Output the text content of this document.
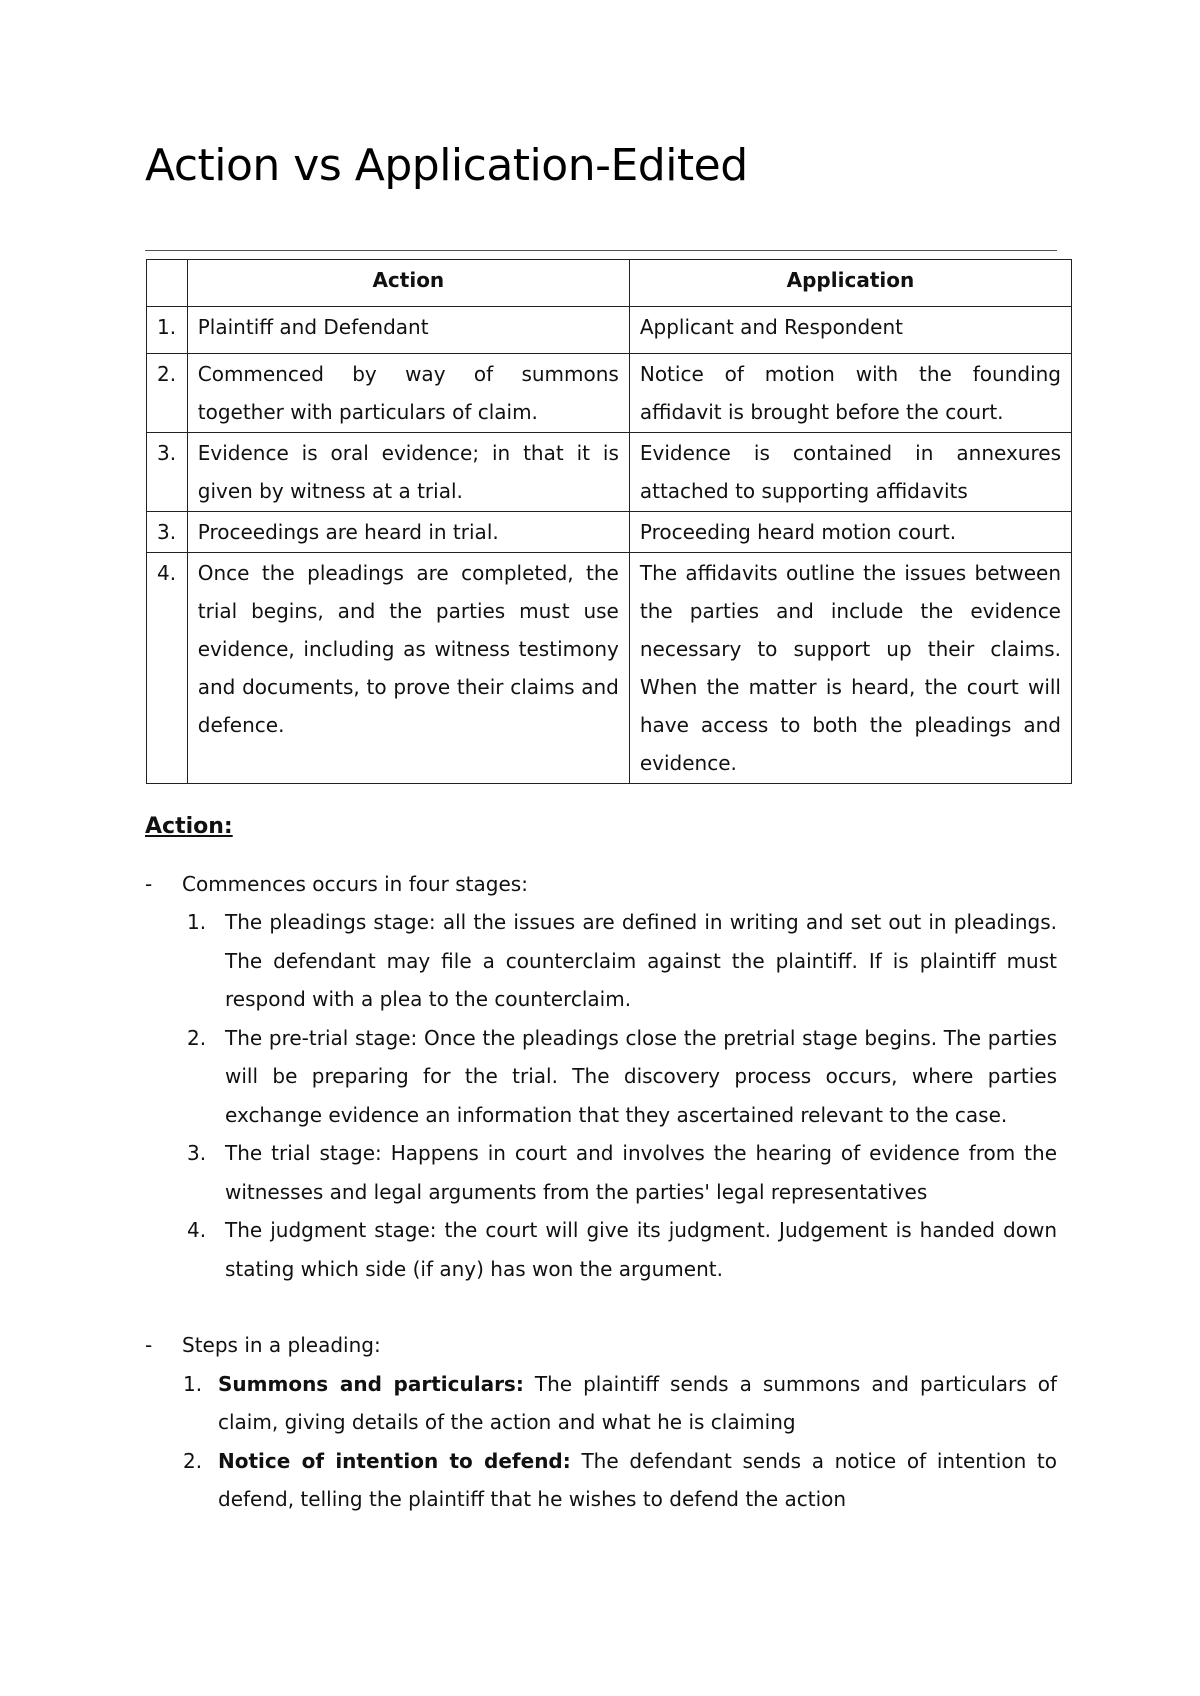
Action vs Application-Edited
	Action	Application
1.	Plaintiff and Defendant	Applicant and Respondent
2.	Commenced by way of summons together with particulars of claim.	Notice of motion with the founding affidavit is brought before the court.
3.	Evidence is oral evidence; in that it is given by witness at a trial.	Evidence is contained in annexures attached to supporting affidavits
3.	Proceedings are heard in trial.	Proceeding heard motion court.
4.	Once the pleadings are completed, the trial begins, and the parties must use evidence, including as witness testimony and documents, to prove their claims and defence.	The affidavits outline the issues between the parties and include the evidence necessary to support up their claims. When the matter is heard, the court will have access to both the pleadings and evidence.

Action:

- Commences occurs in four stages:
1. The pleadings stage: all the issues are defined in writing and set out in pleadings. The defendant may file a counterclaim against the plaintiff. If is plaintiff must respond with a plea to the counterclaim.
2. The pre-trial stage: Once the pleadings close the pretrial stage begins. The parties will be preparing for the trial. The discovery process occurs, where parties exchange evidence an information that they ascertained relevant to the case.
3. The trial stage: Happens in court and involves the hearing of evidence from the witnesses and legal arguments from the parties' legal representatives
4. The judgment stage: the court will give its judgment. Judgement is handed down stating which side (if any) has won the argument.
- Steps in a pleading:
1. Summons and particulars: The plaintiff sends a summons and particulars of claim, giving details of the action and what he is claiming
2. Notice of intention to defend: The defendant sends a notice of intention to defend, telling the plaintiff that he wishes to defend the action
